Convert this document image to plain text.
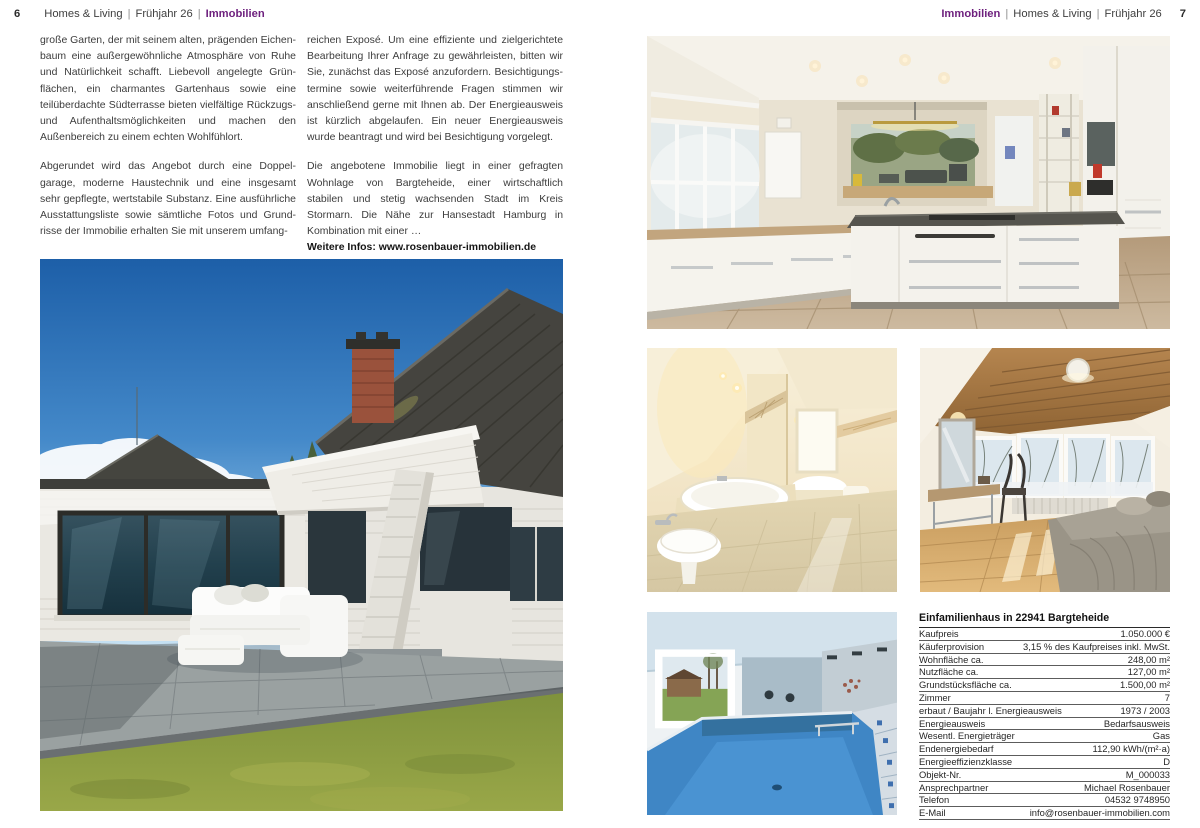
6 Homes & Living | Frühjahr 26 | Immobilien	Immobilien | Homes & Living | Frühjahr 26 7

große Garten, der mit seinem alten, prägenden Eichenbaum eine außergewöhnliche Atmosphäre von Ruhe und Natürlichkeit schafft. Liebevoll angelegte Grünflächen, ein charmantes Gartenhaus sowie eine teilüberdachte Südterrasse bieten vielfältige Rückzugs- und Aufenthaltsmöglichkeiten und machen den Außenbereich zu einem echten Wohlfühlort.

Abgerundet wird das Angebot durch eine Doppelgarage, moderne Haustechnik und eine insgesamt sehr gepflegte, wertstabile Substanz. Eine ausführliche Ausstattungsliste sowie sämtliche Fotos und Grundrisse der Immobilie erhalten Sie mit unserem umfang-

reichen Exposé. Um eine effiziente und zielgerichtete Bearbeitung Ihrer Anfrage zu gewährleisten, bitten wir Sie, zunächst das Exposé anzufordern. Besichtigungstermine sowie weiterführende Fragen stimmen wir anschließend gerne mit Ihnen ab. Der Energieausweis ist kürzlich abgelaufen. Ein neuer Energieausweis wurde beantragt und wird bei Besichtigung vorgelegt.

Die angebotene Immobilie liegt in einer gefragten Wohnlage von Bargteheide, einer wirtschaftlich stabilen und stetig wachsenden Stadt im Kreis Stormarn. Die Nähe zur Hansestadt Hamburg in Kombination mit einer …
Weitere Infos: www.rosenbauer-immobilien.de

Einfamilienhaus in 22941 Bargteheide
Kaufpreis	1.050.000 €
Käuferprovision	3,15 % des Kaufpreises inkl. MwSt.
Wohnfläche ca.	248,00 m²
Nutzfläche ca.	127,00 m²
Grundstücksfläche ca.	1.500,00 m²
Zimmer	7
erbaut / Baujahr l. Energieausweis	1973 / 2003
Energieausweis	Bedarfsausweis
Wesentl. Energieträger	Gas
Endenergiebedarf	112,90 kWh/(m²·a)
Energieeffizienzklasse	D
Objekt-Nr.	M_000033
Ansprechpartner	Michael Rosenbauer
Telefon	04532 9748950
E-Mail	info@rosenbauer-immobilien.com
